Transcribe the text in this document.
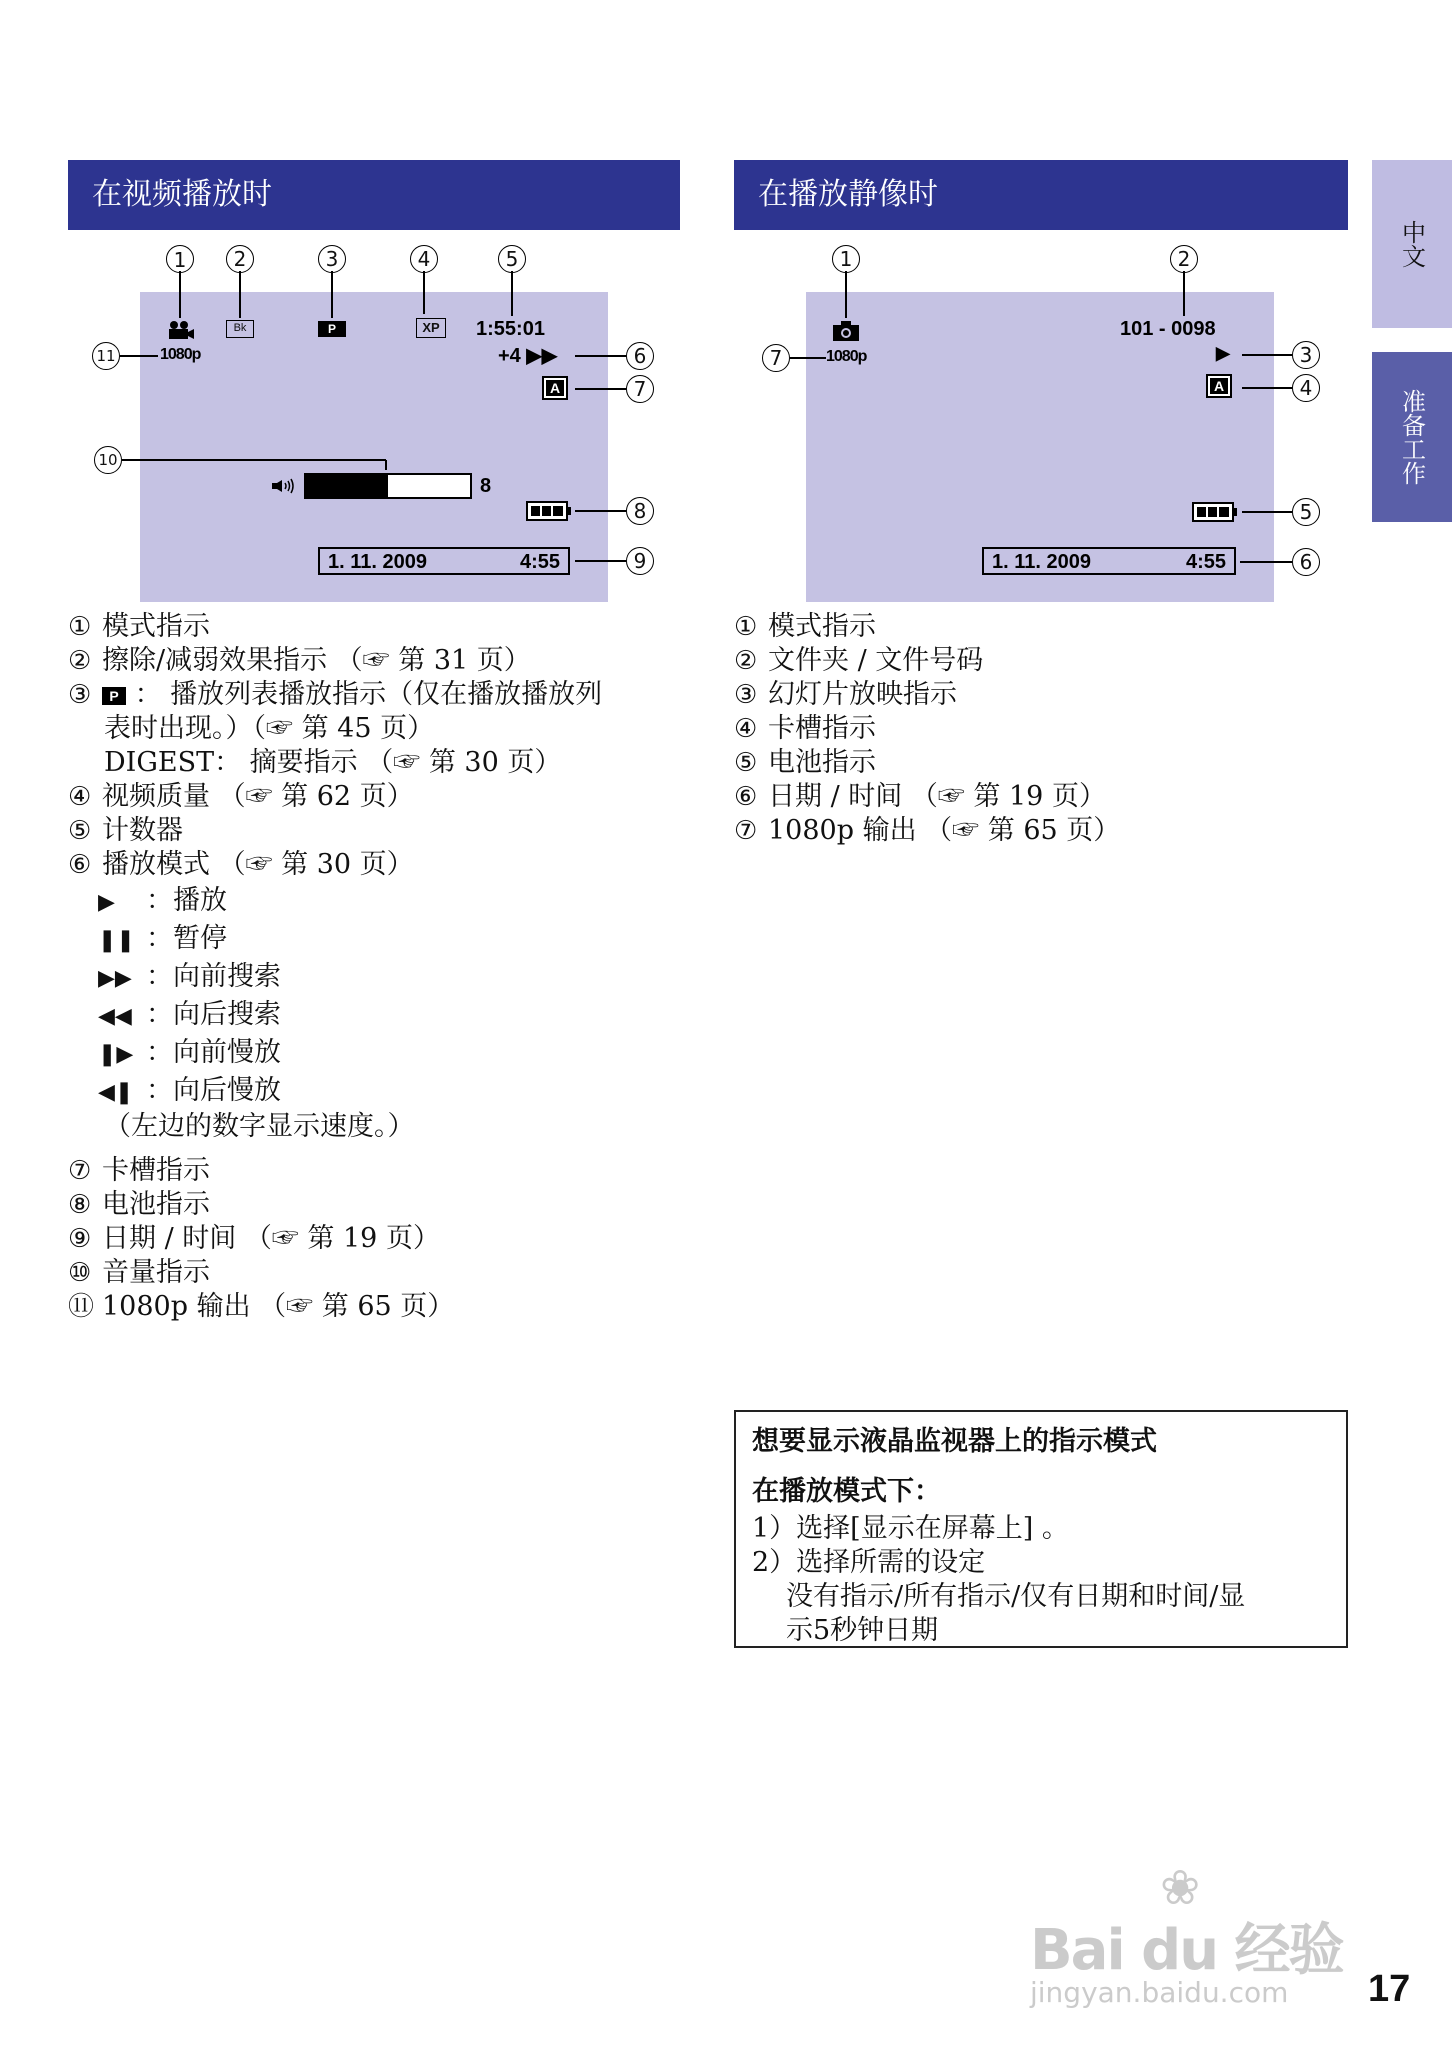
在视频播放时
1	2	3	4	5
6
7
8
9
10
11	1080p
Bk	P	XP	1:55:01
+4 ▶▶
A
8
1. 11. 2009	4:55
① 模式指示
② 擦除/减弱效果指示 （☞ 第 31 页）
③ P ： 播放列表播放指示（仅在播放播放列
表时出现。）（☞ 第 45 页）
DIGEST： 摘要指示 （☞ 第 30 页）
④ 视频质量 （☞ 第 62 页）
⑤ 计数器
⑥ 播放模式 （☞ 第 30 页）
▶ ：播放
❚❚ ：暂停
▶▶ ：向前搜索
◀◀ ：向后搜索
❚▶ ：向前慢放
◀❚ ：向后慢放
（左边的数字显示速度。）
⑦ 卡槽指示
⑧ 电池指示
⑨ 日期 / 时间 （☞ 第 19 页）
⑩ 音量指示
⑪ 1080p 输出 （☞ 第 65 页）
在播放静像时
1	2
3
4
5
6
7	1080p
101 - 0098
▶
A
1. 11. 2009	4:55
① 模式指示
② 文件夹 / 文件号码
③ 幻灯片放映指示
④ 卡槽指示
⑤ 电池指示
⑥ 日期 / 时间 （☞ 第 19 页）
⑦ 1080p 输出 （☞ 第 65 页）
中文
准备工作
想要显示液晶监视器上的指示模式
在播放模式下：
1）选择[显示在屏幕上] 。
2）选择所需的设定
没有指示/所有指示/仅有日期和时间/显
示5秒钟日期
❀
Bai du 经验
jingyan.baidu.com 17
